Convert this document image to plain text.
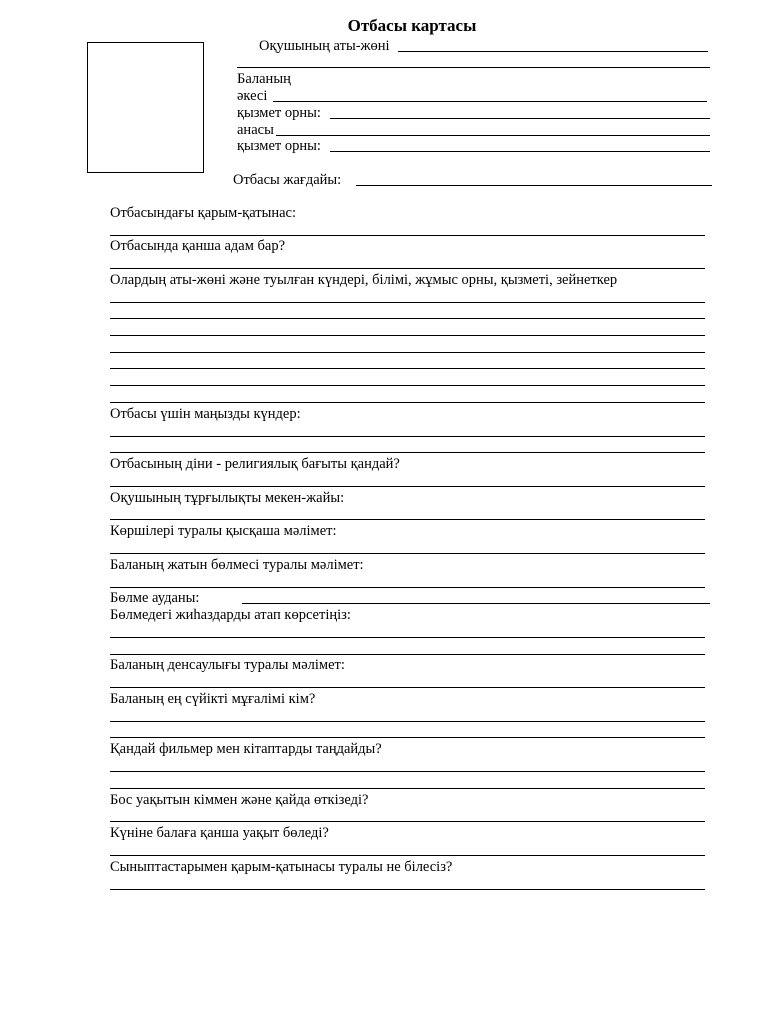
Отбасы картасы
Оқушының аты-жөні
Баланың
әкесі
қызмет орны:
анасы
қызмет орны:
Отбасы жағдайы:
Отбасындағы қарым-қатынас:
Отбасында қанша адам бар?
Олардың аты-жөні және туылған күндері, білімі, жұмыс орны, қызметі, зейнеткер
Отбасы үшін маңызды күндер:
Отбасының діни - религиялық бағыты қандай?
Оқушының тұрғылықты мекен-жайы:
Көршілері туралы қысқаша мәлімет:
Баланың жатын бөлмесі туралы мәлімет:
Бөлме ауданы:
Бөлмедегі жиһаздарды атап көрсетіңіз:
Баланың денсаулығы туралы мәлімет:
Баланың ең сүйікті мұғалімі кім?
Қандай фильмер мен кітаптарды таңдайды?
Бос уақытын кіммен және қайда өткізеді?
Күніне балаға қанша уақыт бөледі?
Сыныптастарымен қарым-қатынасы туралы не білесіз?
